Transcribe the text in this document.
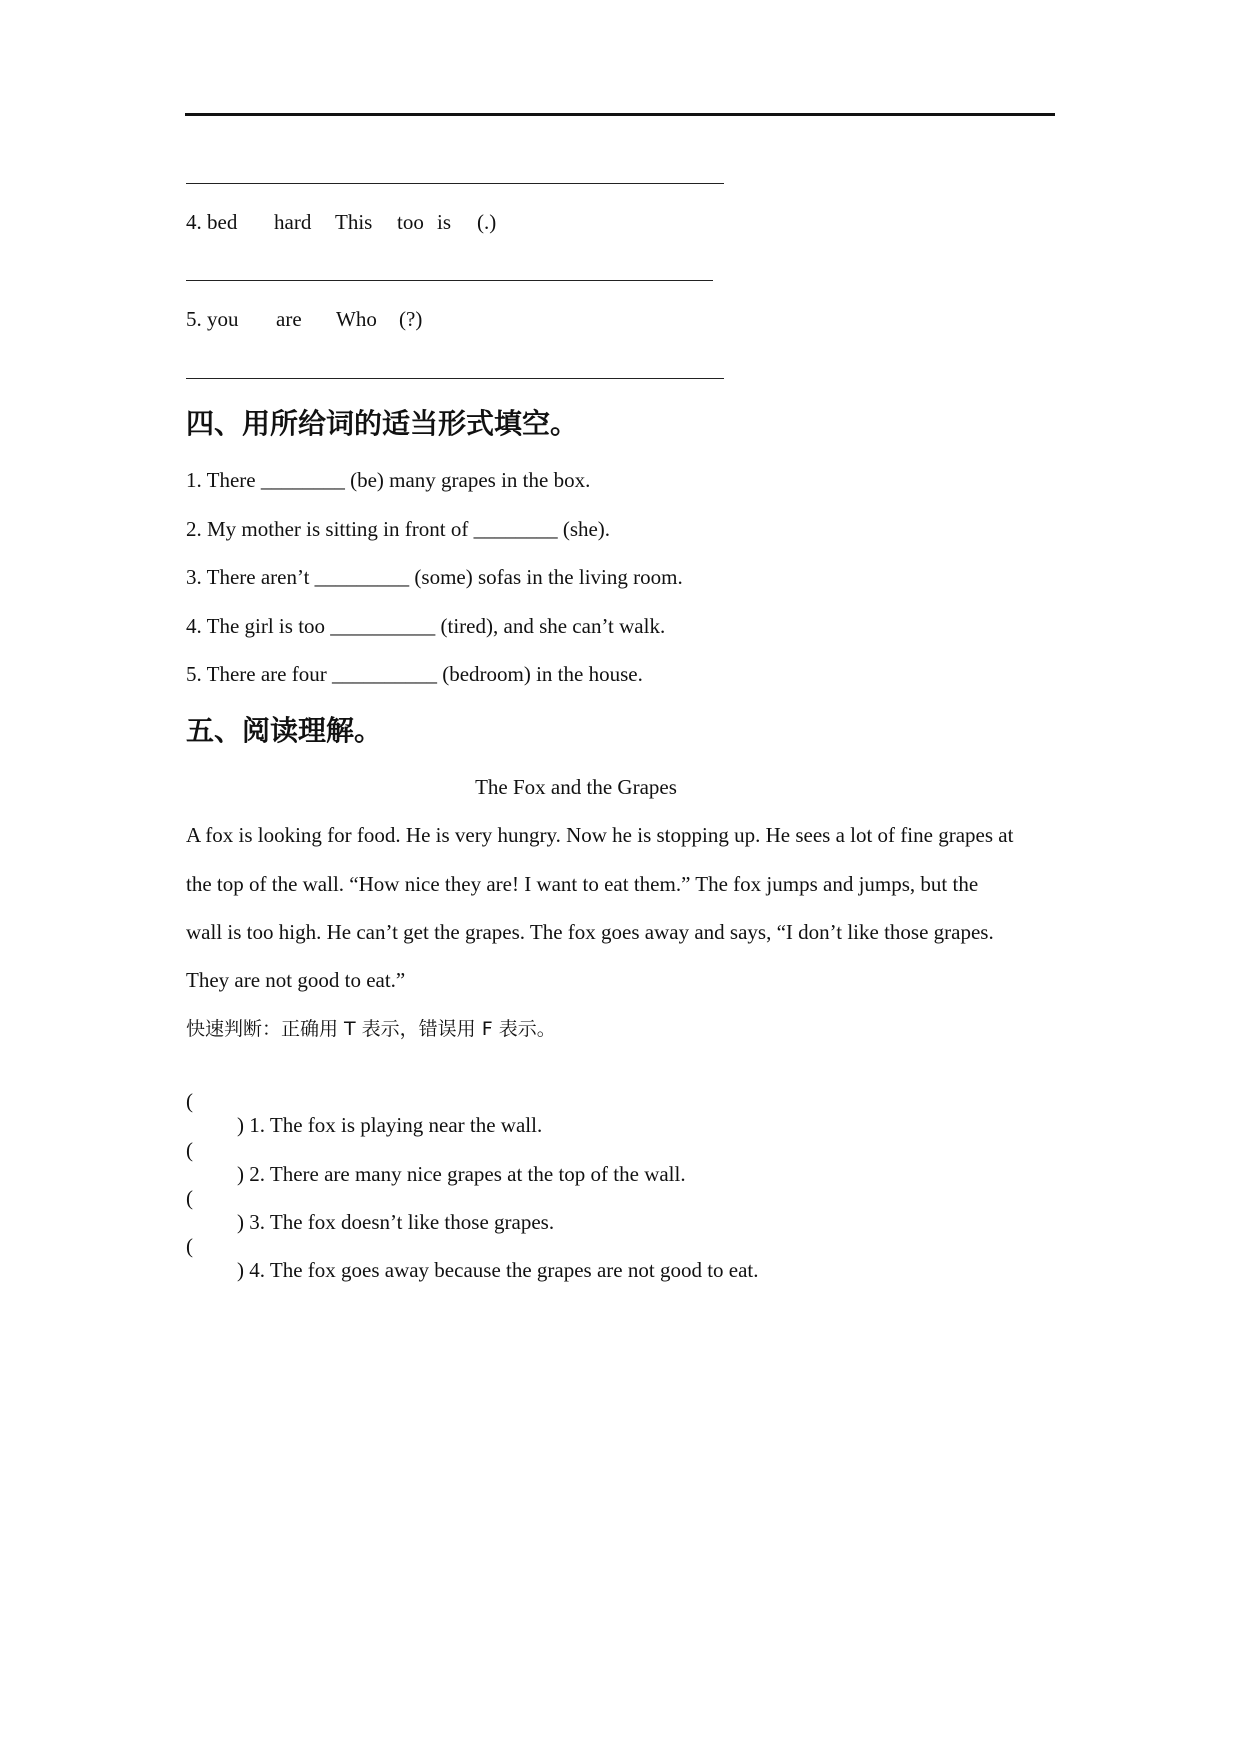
4. bed

hard

This

too

is

(.)

5. you

are

Who

(?)

四、用所给词的适当形式填空。
1. There ________ (be) many grapes in the box.
2. My mother is sitting in front of ________ (she).
3. There aren’t _________ (some) sofas in the living room.
4. The girl is too __________ (tired), and she can’t walk.
5. There are four __________ (bedroom) in the house.
五、阅读理解。
The Fox and the Grapes
A fox is looking for food. He is very hungry. Now he is stopping up. He sees a lot of fine grapes at
the top of the wall. “How nice they are! I want to eat them.” The fox jumps and jumps, but the
wall is too high. He can’t get the grapes. The fox goes away and says, “I don’t like those grapes.
They are not good to eat.”
快速判断：正确用 T 表示，错误用 F 表示。

(

) 1. The fox is playing near the wall.

(

) 2. There are many nice grapes at the top of the wall.

(

) 3. The fox doesn’t like those grapes.

(

) 4. The fox goes away because the grapes are not good to eat.
